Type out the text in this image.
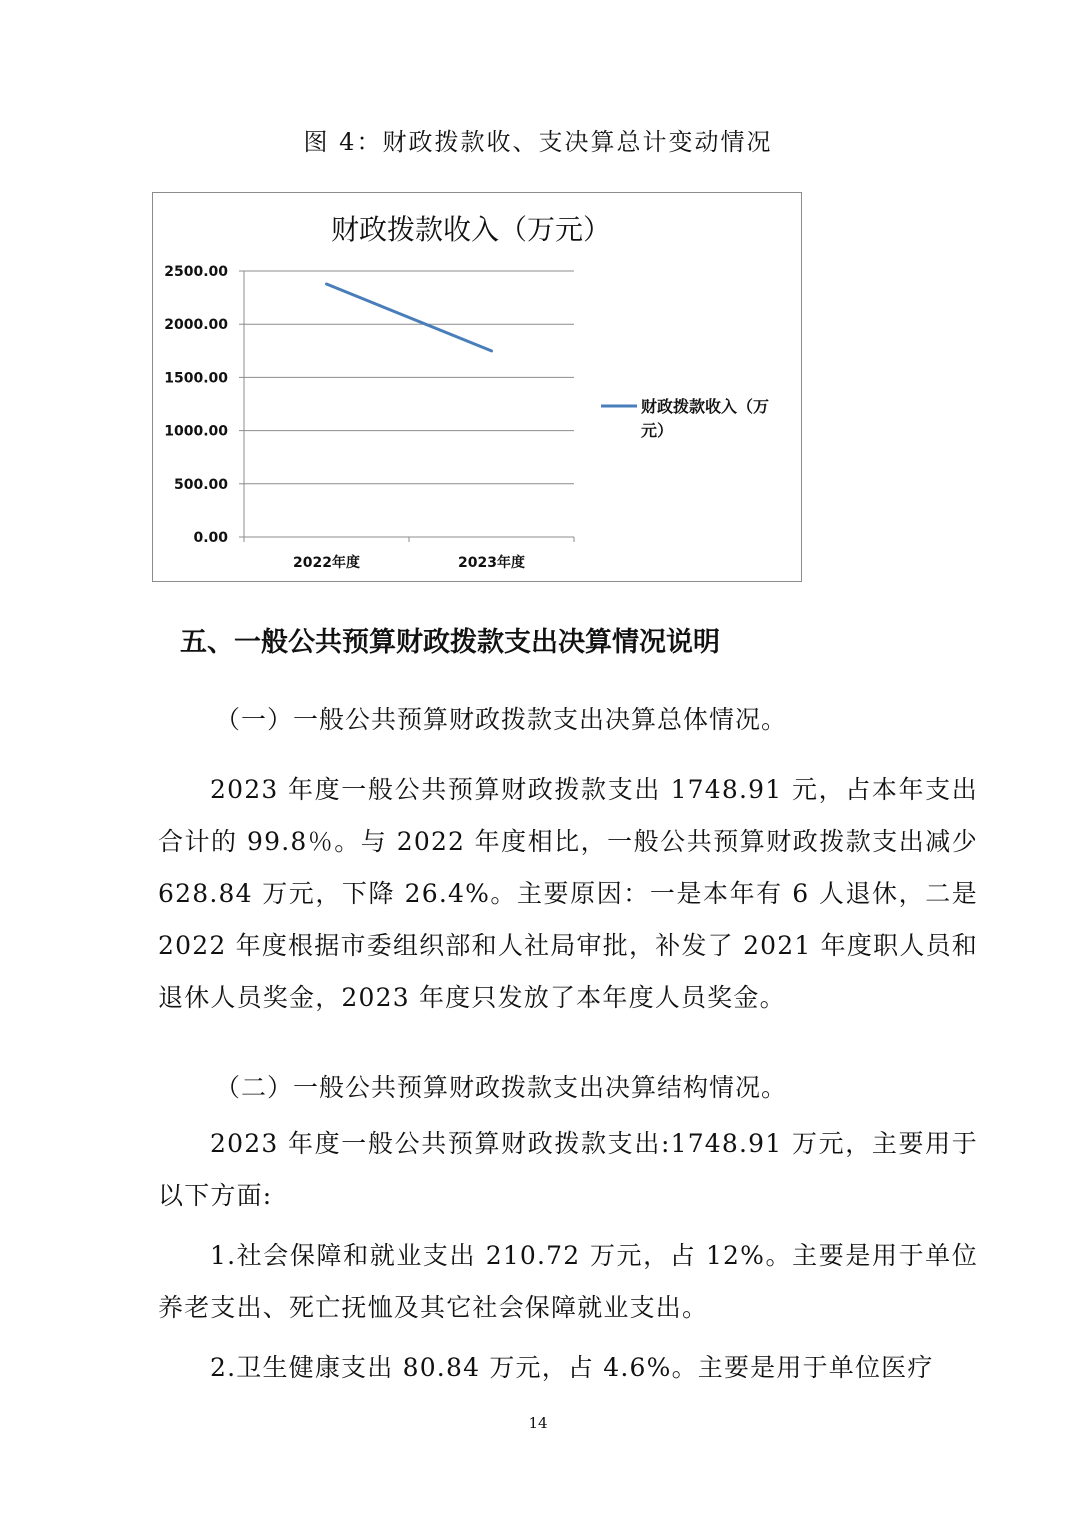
图 4：财政拨款收、支决算总计变动情况
财政拨款收入（万元）
0.00
500.00
1000.00
1500.00
2000.00
2500.00
2022年度	2023年度
财政拨款收入（万
元）
五、一般公共预算财政拨款支出决算情况说明
（一）一般公共预算财政拨款支出决算总体情况。
2023 年度一般公共预算财政拨款支出 1748.91 元，占本年支出合计的 99.8％。与 2022 年度相比，一般公共预算财政拨款支出减少 628.84 万元，下降 26.4%。主要原因：一是本年有 6 人退休，二是 2022 年度根据市委组织部和人社局审批，补发了 2021 年度职人员和退休人员奖金，2023 年度只发放了本年度人员奖金。
（二）一般公共预算财政拨款支出决算结构情况。
2023 年度一般公共预算财政拨款支出:1748.91 万元，主要用于以下方面:
1.社会保障和就业支出 210.72 万元，占 12%。主要是用于单位养老支出、死亡抚恤及其它社会保障就业支出。
2.卫生健康支出 80.84 万元，占 4.6%。主要是用于单位医疗
14
